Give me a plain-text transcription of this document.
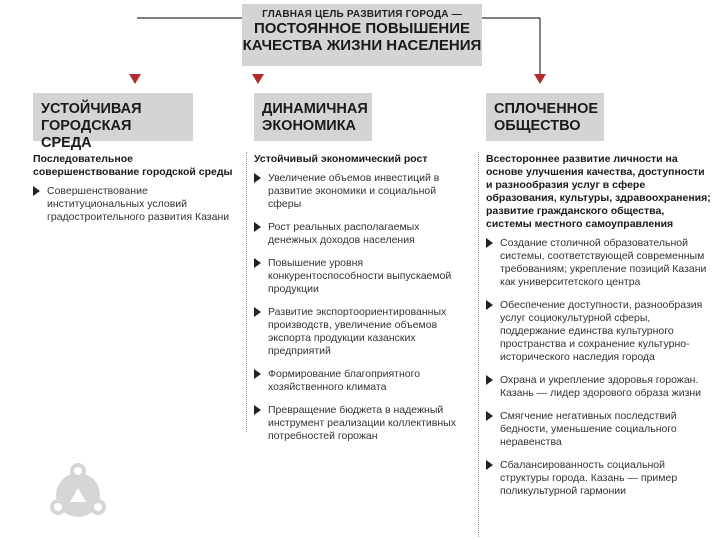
ГЛАВНАЯ ЦЕЛЬ РАЗВИТИЯ ГОРОДА —
ПОСТОЯННОЕ ПОВЫШЕНИЕ
КАЧЕСТВА ЖИЗНИ НАСЕЛЕНИЯ
УСТОЙЧИВАЯ
ГОРОДСКАЯ СРЕДА
ДИНАМИЧНАЯ
ЭКОНОМИКА
СПЛОЧЕННОЕ
ОБЩЕСТВО
Последовательное совершенствование городской среды
Совершенствование институциональных условий градостроительного развития Казани
Устойчивый экономический рост
Увеличение объемов инвестиций в развитие экономики и социальной сферы
Рост реальных располагаемых денежных доходов населения
Повышение уровня конкурентоспособности выпускаемой продукции
Развитие экспортоориентированных производств, увеличение объемов экспорта продукции казанских предприятий
Формирование благоприятного хозяйственного климата
Превращение бюджета в надежный инструмент реализации коллективных потребностей горожан
Всестороннее развитие личности на основе улучшения качества, доступности и разнообразия услуг в сфере образования, культуры, здравоохранения; развитие гражданского общества, системы местного самоуправления
Создание столичной образовательной системы, соответствующей современным требованиям; укрепление позиций Казани как университетского центра
Обеспечение доступности, разнообразия услуг социокультурной сферы, поддержание единства культурного пространства и сохранение культурно-исторического наследия города
Охрана и укрепление здоровья горожан. Казань — лидер здорового образа жизни
Смягчение негативных последствий бедности, уменьшение социального неравенства
Сбалансированность социальной структуры города. Казань — пример поликультурной гармонии
